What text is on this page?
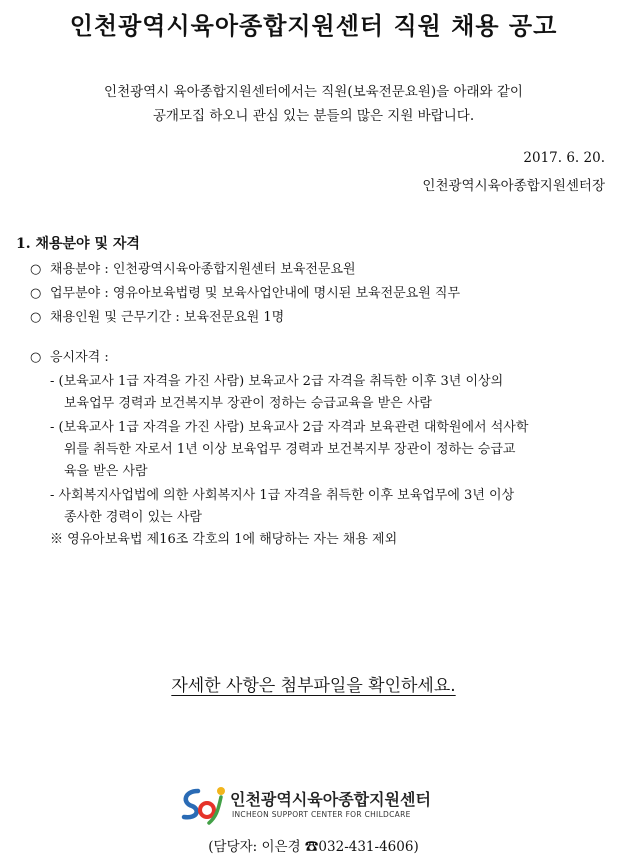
인천광역시육아종합지원센터 직원 채용 공고
인천광역시 육아종합지원센터에서는 직원(보육전문요원)을 아래와 같이
공개모집 하오니 관심 있는 분들의 많은 지원 바랍니다.
2017. 6. 20.
인천광역시육아종합지원센터장
1. 채용분야 및 자격
○ 채용분야 : 인천광역시육아종합지원센터 보육전문요원
○ 업무분야 : 영유아보육법령 및 보육사업안내에 명시된 보육전문요원 직무
○ 채용인원 및 근무기간 : 보육전문요원 1명
○ 응시자격 :
- (보육교사 1급 자격을 가진 사람) 보육교사 2급 자격을 취득한 이후 3년 이상의
보육업무 경력과 보건복지부 장관이 정하는 승급교육을 받은 사람
- (보육교사 1급 자격을 가진 사람) 보육교사 2급 자격과 보육관련 대학원에서 석사학
위를 취득한 자로서 1년 이상 보육업무 경력과 보건복지부 장관이 정하는 승급교
육을 받은 사람
- 사회복지사업법에 의한 사회복지사 1급 자격을 취득한 이후 보육업무에 3년 이상
종사한 경력이 있는 사람
※ 영유아보육법 제16조 각호의 1에 해당하는 자는 채용 제외
자세한 사항은 첨부파일을 확인하세요.
인천광역시육아종합지원센터
INCHEON SUPPORT CENTER FOR CHILDCARE
(담당자: 이은경 ☎032-431-4606)
